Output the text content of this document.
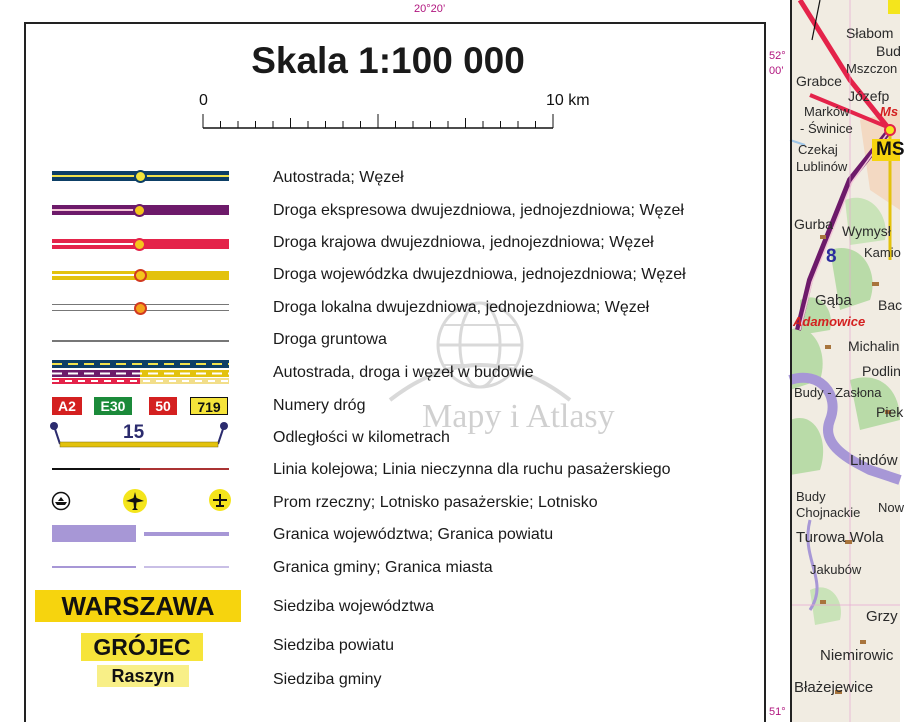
20°20’
Skala 1:100 000
0	10 km
Mapy i Atlasy
A2	E30	50	719
15
WARSZAWA
GRÓJEC
Raszyn
Autostrada; Węzeł
Droga ekspresowa dwujezdniowa, jednojezdniowa; Węzeł
Droga krajowa dwujezdniowa, jednojezdniowa; Węzeł
Droga wojewódzka dwujezdniowa, jednojezdniowa; Węzeł
Droga lokalna dwujezdniowa, jednojezdniowa; Węzeł
Droga gruntowa
Autostrada, droga i węzeł w budowie
Numery dróg
Odległości w kilometrach
Linia kolejowa; Linia nieczynna dla ruchu pasażerskiego
Prom rzeczny; Lotnisko pasażerskie; Lotnisko
Granica województwa; Granica powiatu
Granica gminy; Granica miasta
Siedziba województwa
Siedziba powiatu
Siedziba gminy
52°
00’
51°
Słabom
Bud
Mszczon
Grabce
Józefp
Ms
Marków
- Świnice
MS
Czekaj
Lublinów
Gurba Wymysł
Kamio
8
Gąba Bac
Adamowice
Michalin
Podlin
Budy - Zasłona
Piek
Lindów
Budy
Chojnackie Now
Turowa Wola
Jakubów
Grzy
Niemirowic
Błażejewice
